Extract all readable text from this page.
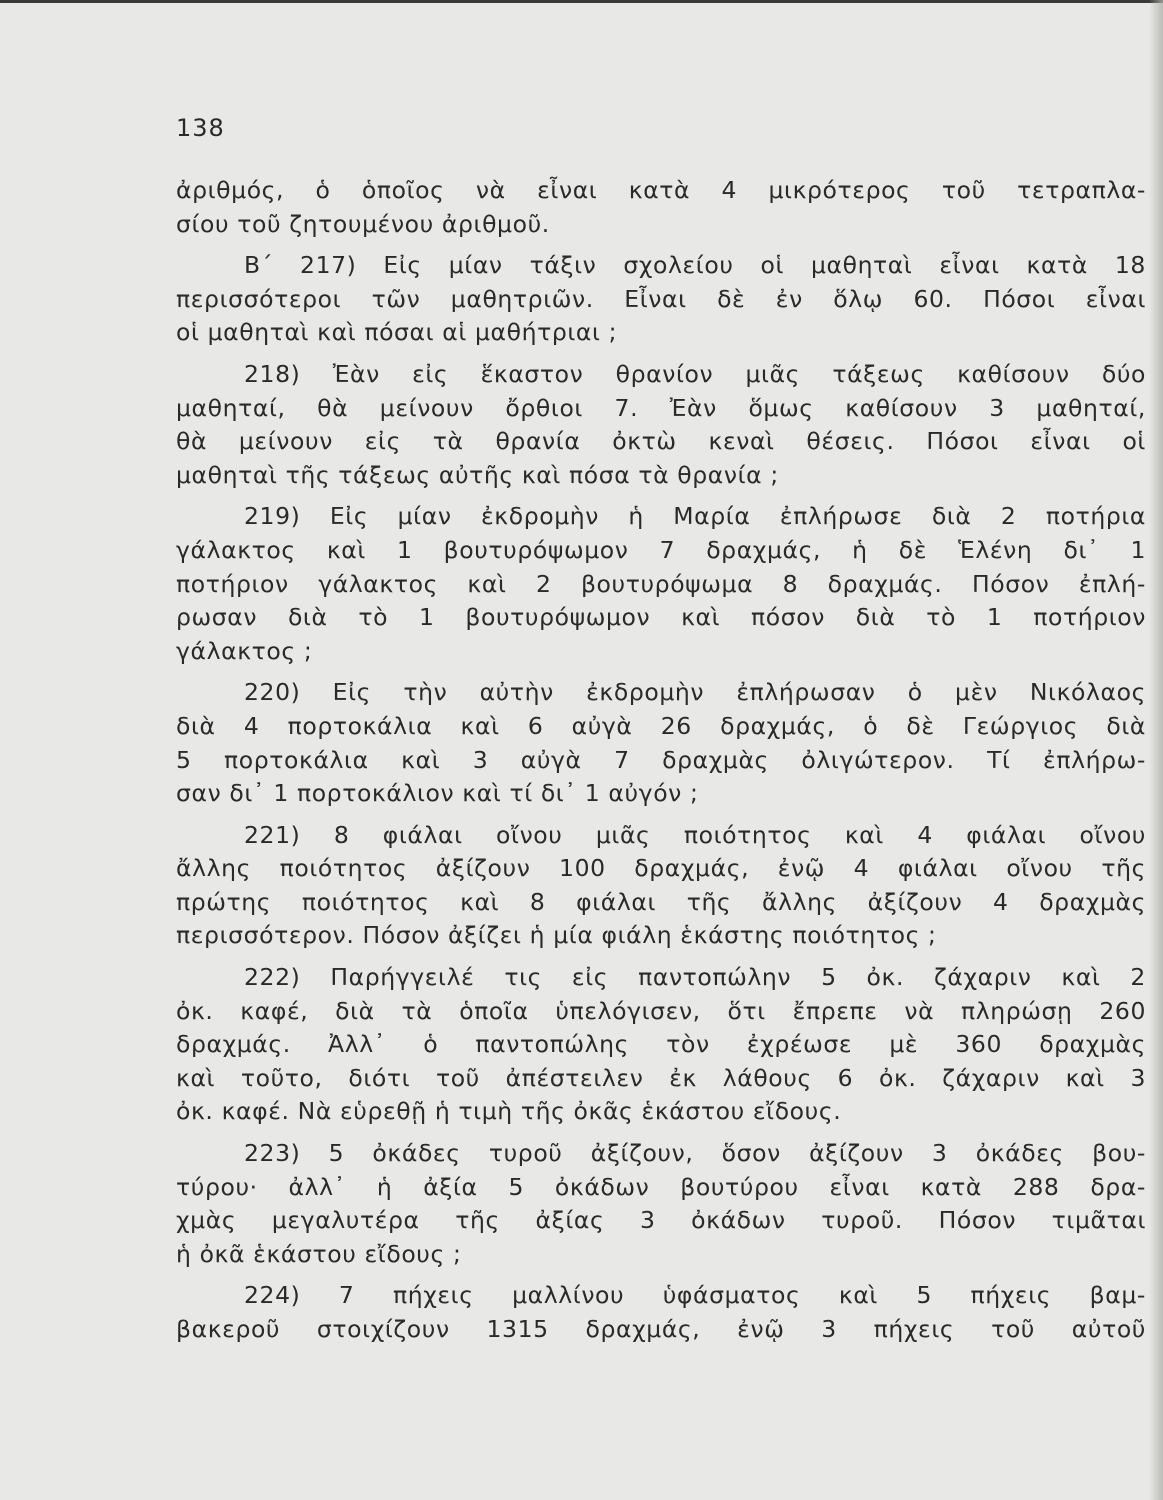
138
ἀριθμός, ὁ ὁποῖος νὰ εἶναι κατὰ 4 μικρότερος τοῦ τετραπλα-
σίου τοῦ ζητουμένου ἀριθμοῦ.
Β΄ 217) Εἰς μίαν τάξιν σχολείου οἱ μαθηταὶ εἶναι κατὰ 18
περισσότεροι τῶν μαθητριῶν. Εἶναι δὲ ἐν ὅλῳ 60. Πόσοι εἶναι
οἱ μαθηταὶ καὶ πόσαι αἱ μαθήτριαι ;
218) Ἐὰν εἰς ἕκαστον θρανίον μιᾶς τάξεως καθίσουν δύο
μαθηταί, θὰ μείνουν ὄρθιοι 7. Ἐὰν ὅμως καθίσουν 3 μαθηταί,
θὰ μείνουν εἰς τὰ θρανία ὀκτὼ κεναὶ θέσεις. Πόσοι εἶναι οἱ
μαθηταὶ τῆς τάξεως αὐτῆς καὶ πόσα τὰ θρανία ;
219) Εἰς μίαν ἐκδρομὴν ἡ Μαρία ἐπλήρωσε διὰ 2 ποτήρια
γάλακτος καὶ 1 βουτυρόψωμον 7 δραχμάς, ἡ δὲ Ἑλένη δι᾽ 1
ποτήριον γάλακτος καὶ 2 βουτυρόψωμα 8 δραχμάς. Πόσον ἐπλή-
ρωσαν διὰ τὸ 1 βουτυρόψωμον καὶ πόσον διὰ τὸ 1 ποτήριον
γάλακτος ;
220) Εἰς τὴν αὐτὴν ἐκδρομὴν ἐπλήρωσαν ὁ μὲν Νικόλαος
διὰ 4 πορτοκάλια καὶ 6 αὐγὰ 26 δραχμάς, ὁ δὲ Γεώργιος διὰ
5 πορτοκάλια καὶ 3 αὐγὰ 7 δραχμὰς ὀλιγώτερον. Τί ἐπλήρω-
σαν δι᾽ 1 πορτοκάλιον καὶ τί δι᾽ 1 αὐγόν ;
221) 8 φιάλαι οἴνου μιᾶς ποιότητος καὶ 4 φιάλαι οἴνου
ἄλλης ποιότητος ἀξίζουν 100 δραχμάς, ἐνῷ 4 φιάλαι οἴνου τῆς
πρώτης ποιότητος καὶ 8 φιάλαι τῆς ἄλλης ἀξίζουν 4 δραχμὰς
περισσότερον. Πόσον ἀξίζει ἡ μία φιάλη ἑκάστης ποιότητος ;
222) Παρήγγειλέ τις εἰς παντοπώλην 5 ὀκ. ζάχαριν καὶ 2
ὀκ. καφέ, διὰ τὰ ὁποῖα ὑπελόγισεν, ὅτι ἔπρεπε νὰ πληρώσῃ 260
δραχμάς. Ἀλλ᾽ ὁ παντοπώλης τὸν ἐχρέωσε μὲ 360 δραχμὰς
καὶ τοῦτο, διότι τοῦ ἀπέστειλεν ἐκ λάθους 6 ὀκ. ζάχαριν καὶ 3
ὀκ. καφέ. Νὰ εὑρεθῇ ἡ τιμὴ τῆς ὀκᾶς ἑκάστου εἴδους.
223) 5 ὀκάδες τυροῦ ἀξίζουν, ὅσον ἀξίζουν 3 ὀκάδες βου-
τύρου· ἀλλ᾽ ἡ ἀξία 5 ὀκάδων βουτύρου εἶναι κατὰ 288 δρα-
χμὰς μεγαλυτέρα τῆς ἀξίας 3 ὀκάδων τυροῦ. Πόσον τιμᾶται
ἡ ὀκᾶ ἑκάστου εἴδους ;
224) 7 πήχεις μαλλίνου ὑφάσματος καὶ 5 πήχεις βαμ-
βακεροῦ στοιχίζουν 1315 δραχμάς, ἐνῷ 3 πήχεις τοῦ αὐτοῦ
